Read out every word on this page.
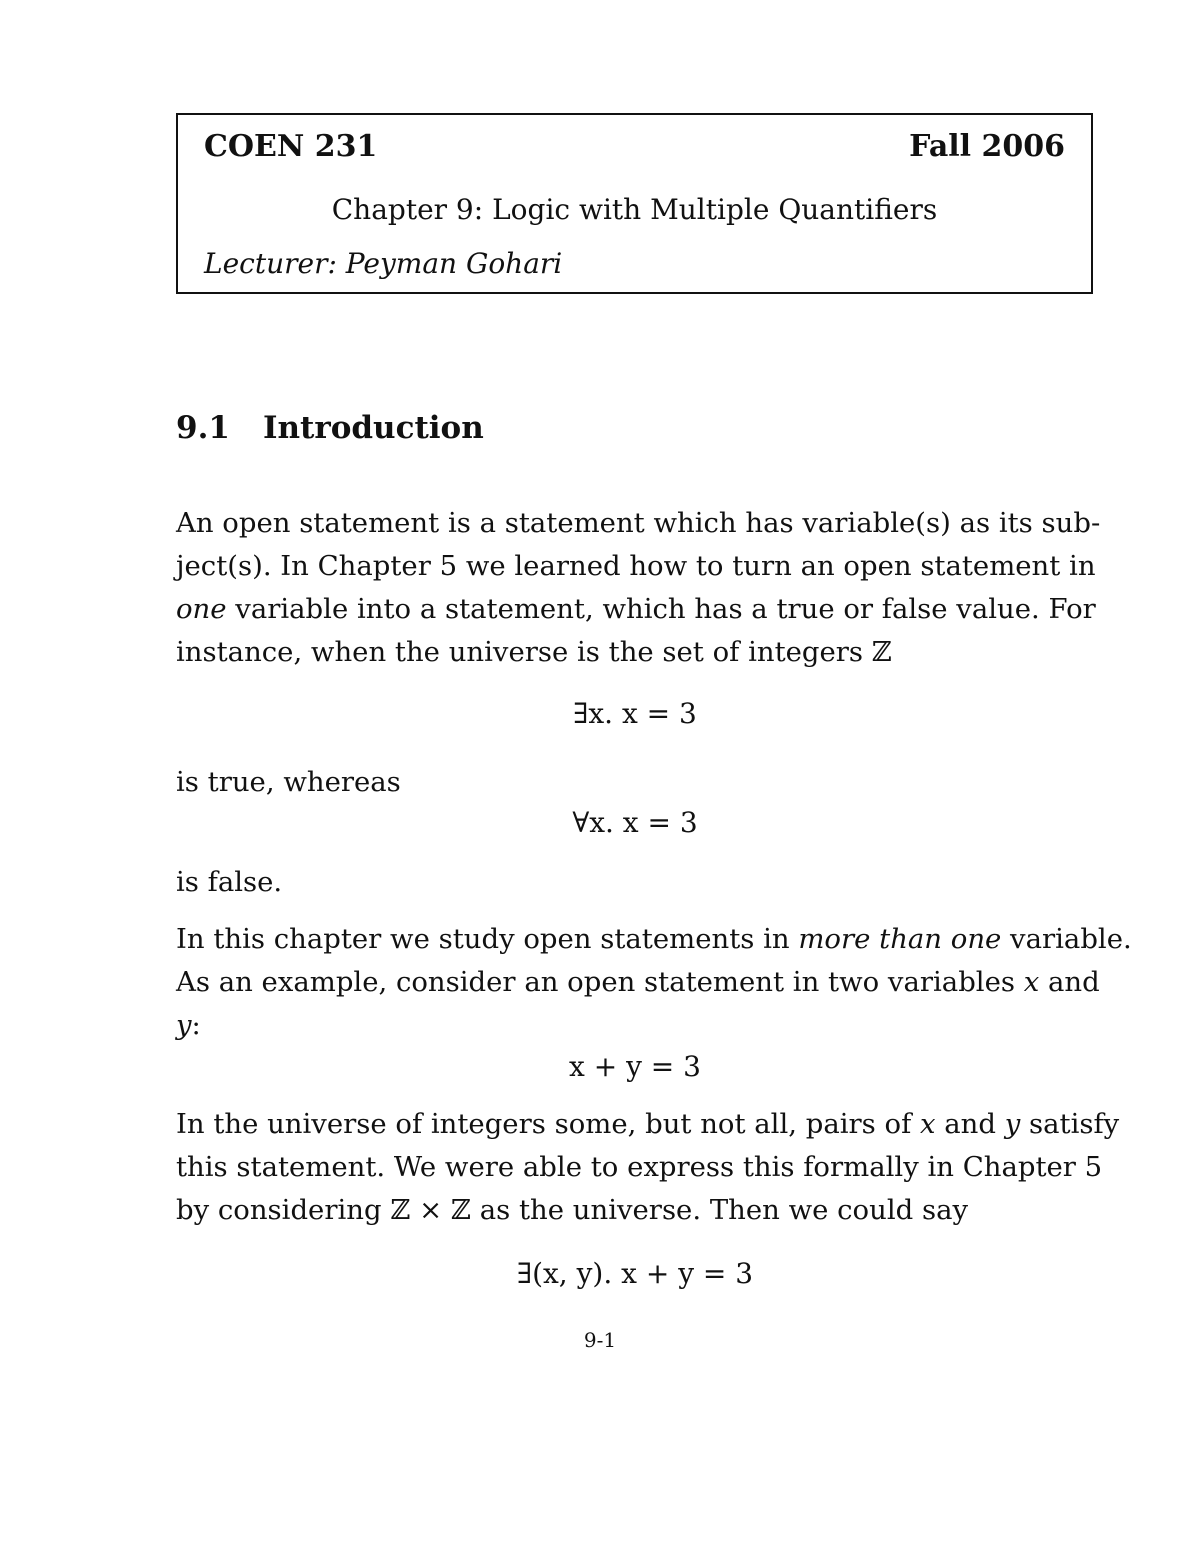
COEN 231	Fall 2006
Chapter 9: Logic with Multiple Quantifiers
Lecturer: Peyman Gohari
9.1 Introduction

An open statement is a statement which has variable(s) as its sub-
ject(s). In Chapter 5 we learned how to turn an open statement in
one variable into a statement, which has a true or false value. For
instance, when the universe is the set of integers ℤ

∃x. x = 3

is true, whereas

∀x. x = 3

is false.

In this chapter we study open statements in more than one variable.
As an example, consider an open statement in two variables x and
y:

x + y = 3

In the universe of integers some, but not all, pairs of x and y satisfy
this statement. We were able to express this formally in Chapter 5
by considering ℤ × ℤ as the universe. Then we could say

∃(x, y). x + y = 3
9-1
